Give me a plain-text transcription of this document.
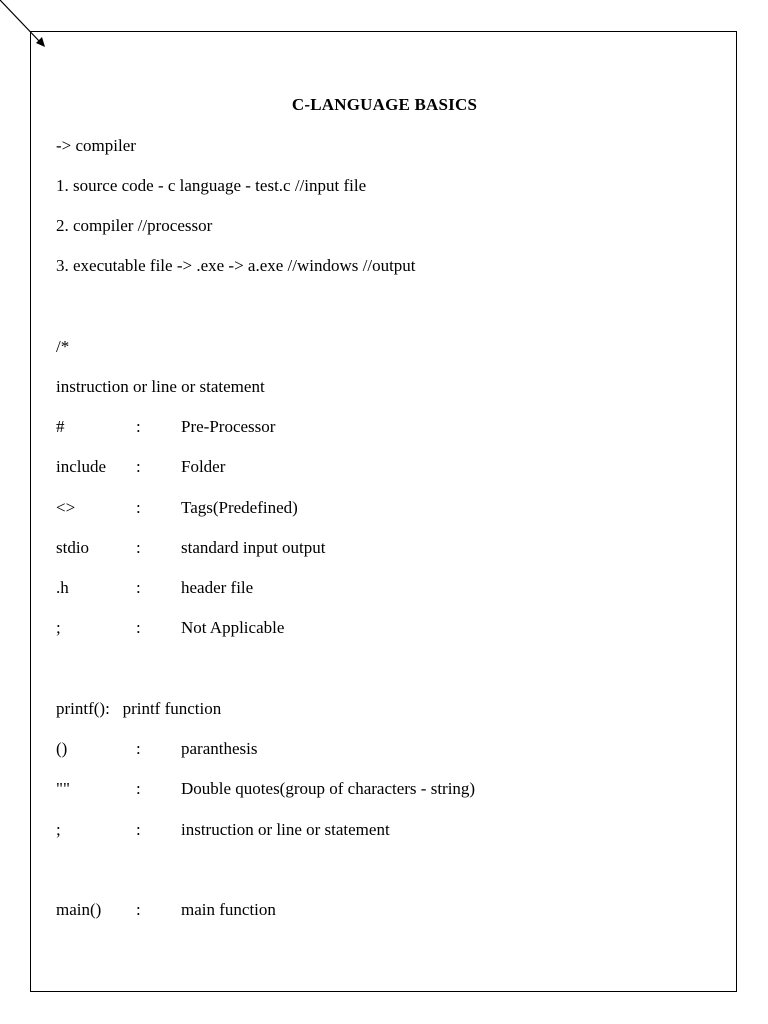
C-LANGUAGE BASICS
-> compiler
1. source code - c language - test.c //input file
2. compiler //processor
3. executable file -> .exe -> a.exe //windows //output
/*
instruction or line or statement
#	: Pre-Processor
include : Folder
<>	: Tags(Predefined)
stdio	: standard input output
.h	: header file
;	: Not Applicable
printf():   printf function
()	: paranthesis
""	: Double quotes(group of characters - string)
;	: instruction or line or statement
main() : main function
